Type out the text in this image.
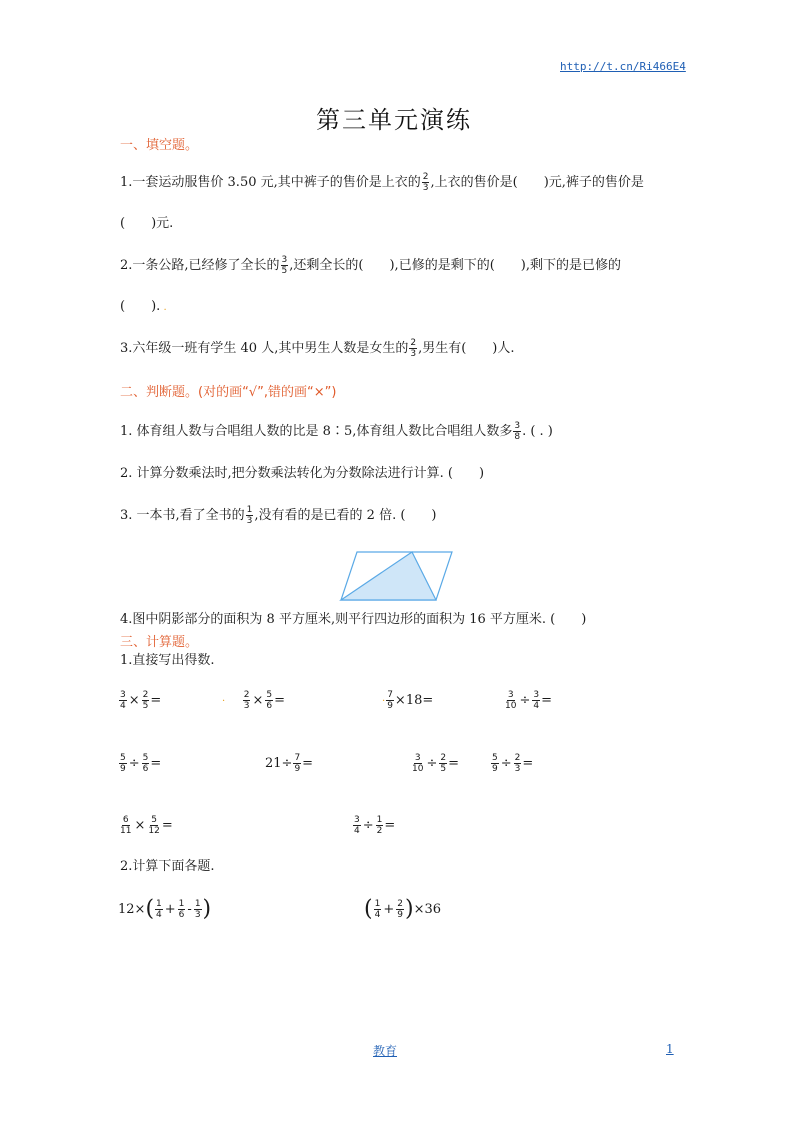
http://t.cn/Ri466E4
第三单元演练
一、填空题。
1.一套运动服售价 3.50 元,其中裤子的售价是上衣的 $\frac{2}{3}$ ,上衣的售价是(　　)元,裤子的售价是
(　　)元.
2.一条公路,已经修了全长的 $\frac{3}{5}$ ,还剩全长的(　　),已修的是剩下的(　　),剩下的是已修的
(　　). .
3.六年级一班有学生 40 人,其中男生人数是女生的 $\frac{2}{3}$ ,男生有(　　)人.
二、判断题。(对的画“√”,错的画“×”)
1. 体育组人数与合唱组人数的比是 8∶5,体育组人数比合唱组人数多 $\frac{3}{8}$ . ( . )
2. 计算分数乘法时,把分数乘法转化为分数除法进行计算. (　　)
3. 一本书,看了全书的 $\frac{1}{3}$ ,没有看的是已看的 2 倍. (　　)
4.图中阴影部分的面积为 8 平方厘米,则平行四边形的面积为 16 平方厘米. (　　)
三、计算题。
1.直接写出得数.
$\frac{3}{4} \times \frac{2}{5}$ =	· $\frac{2}{3} \times \frac{5}{6}$ =	· $\frac{7}{9} \times 18=$	$\frac{3}{10} \div \frac{3}{4}$ =
$\frac{5}{9} \div \frac{5}{6}$ =	$21\div \frac{7}{9}$ =	$\frac{3}{10} \div \frac{2}{5}$ =	$\frac{5}{9} \div \frac{2}{3}$ =
$\frac{6}{11} \times \frac{5}{12}$ =	$\frac{3}{4} \div \frac{1}{2}$ =
2.计算下面各题.
$12\times( \frac{1}{4} + \frac{1}{6} - \frac{1}{3}$ )	( $\frac{1}{4} + \frac{2}{9} )\times 36$
教育	1
